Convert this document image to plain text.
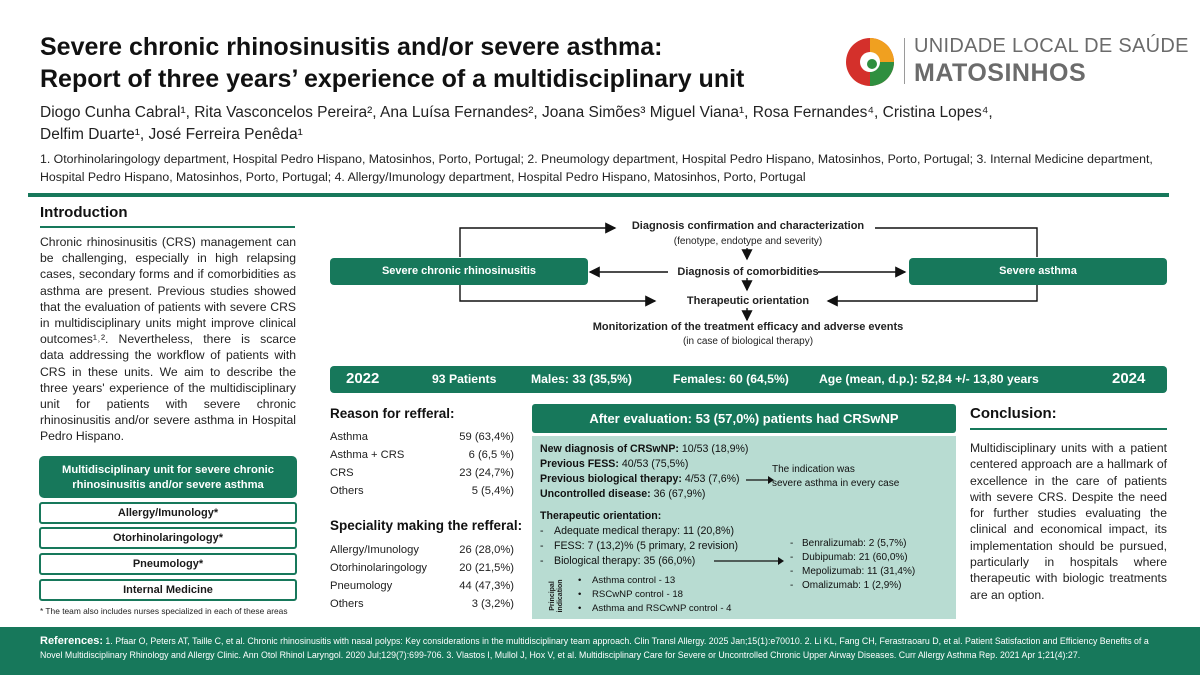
Severe chronic rhinosinusitis and/or severe asthma:
Report of three years’ experience of a multidisciplinary unit
UNIDADE LOCAL DE SAÚDE
MATOSINHOS
Diogo Cunha Cabral¹, Rita Vasconcelos Pereira², Ana Luísa Fernandes², Joana Simões³ Miguel Viana¹, Rosa Fernandes⁴, Cristina Lopes⁴,
Delfim Duarte¹, José Ferreira Penêda¹
1. Otorhinolaringology department, Hospital Pedro Hispano, Matosinhos, Porto, Portugal; 2. Pneumology department, Hospital Pedro Hispano, Matosinhos, Porto, Portugal; 3. Internal Medicine department, Hospital Pedro Hispano, Matosinhos, Porto, Portugal; 4. Allergy/Imunology department, Hospital Pedro Hispano, Matosinhos, Porto, Portugal
Introduction
Chronic rhinosinusitis (CRS) management can be challenging, especially in high relapsing cases, secondary forms and if comorbidities as asthma are present. Previous studies showed that the evaluation of patients with severe CRS in multidisciplinary units might improve clinical outcomes¹˒². Nevertheless, there is scarce data addressing the workflow of patients with CRS in these units. We aim to describe the three years' experience of the multidisciplinary unit for patients with severe chronic rhinosinusitis and/or severe asthma in Hospital Pedro Hispano.
Multidisciplinary unit for severe chronic rhinosinusitis and/or severe asthma
Allergy/Imunology*
Otorhinolaringology*
Pneumology*
Internal Medicine
* The team also includes nurses specialized in each of these areas
Severe chronic rhinosinusitis	Severe asthma
Diagnosis confirmation and characterization
(fenotype, endotype and severity)
Diagnosis of comorbidities
Therapeutic orientation
Monitorization of the treatment efficacy and adverse events
(in case of biological therapy)
2022	93 Patients	Males: 33 (35,5%)	Females: 60 (64,5%) Age (mean, d.p.): 52,84 +/- 13,80 years	2024
Reason for refferal:
Asthma	59 (63,4%)
Asthma + CRS	6 (6,5 %)
CRS	23 (24,7%)
Others	5 (5,4%)
Speciality making the refferal:
Allergy/Imunology	26 (28,0%)
Otorhinolaringology	20 (21,5%)
Pneumology	44 (47,3%)
Others	3 (3,2%)
After evaluation: 53 (57,0%) patients had CRSwNP
New diagnosis of CRSwNP: 10/53 (18,9%)
Previous FESS: 40/53 (75,5%)
Previous biological therapy: 4/53 (7,6%)
Uncontrolled disease: 36 (67,9%)
The indication was
severe asthma in every case
Therapeutic orientation:
- Adequate medical therapy: 11 (20,8%)
- FESS: 7 (13,2)% (5 primary, 2 revision)
- Biological therapy: 35 (66,0%)
- Benralizumab: 2 (5,7%)
- Dubipumab: 21 (60,0%)
- Mepolizumab: 11 (31,4%)
- Omalizumab: 1 (2,9%)
Principal indication • Asthma control - 13
• RSCwNP control - 18
• Asthma and RSCwNP control - 4
Conclusion:
Multidisciplinary units with a patient centered approach are a hallmark of excellence in the care of patients with severe CRS. Despite the need for further studies evaluating the clinical and economical impact, its implementation should be pursued, particularly in hospitals where therapeutic with biologic treatments are an option.
References: 1. Pfaar O, Peters AT, Taille C, et al. Chronic rhinosinusitis with nasal polyps: Key considerations in the multidisciplinary team approach. Clin Transl Allergy. 2025 Jan;15(1):e70010. 2. Li KL, Fang CH, Ferastraoaru D, et al. Patient Satisfaction and Efficiency Benefits of a Novel Multidisciplinary Rhinology and Allergy Clinic. Ann Otol Rhinol Laryngol. 2020 Jul;129(7):699-706. 3. Vlastos I, Mullol J, Hox V, et al. Multidisciplinary Care for Severe or Uncontrolled Chronic Upper Airway Diseases. Curr Allergy Asthma Rep. 2021 Apr 1;21(4):27.
